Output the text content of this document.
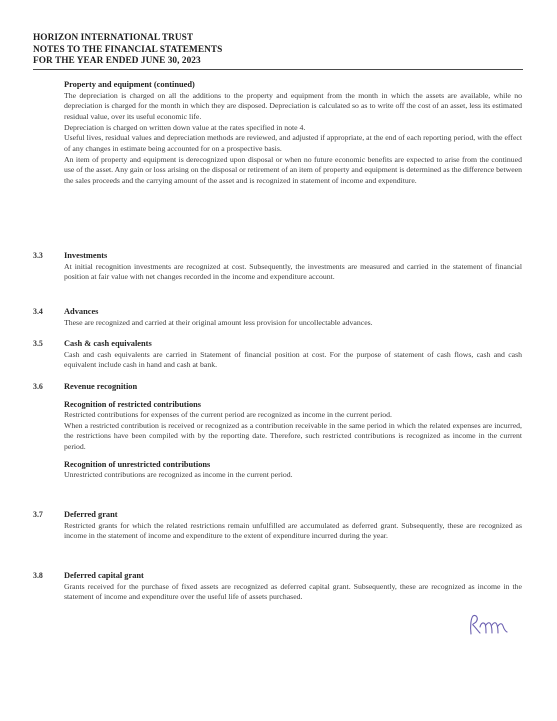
HORIZON INTERNATIONAL TRUST
NOTES TO THE FINANCIAL STATEMENTS
FOR THE YEAR ENDED JUNE 30, 2023
Property and equipment (continued)

The depreciation is charged on all the additions to the property and equipment from the month in which the assets are available, while no depreciation is charged for the month in which they are disposed. Depreciation is calculated so as to write off the cost of an asset, less its estimated residual value, over its useful economic life.

Depreciation is charged on written down value at the rates specified in note 4.

Useful lives, residual values and depreciation methods are reviewed, and adjusted if appropriate, at the end of each reporting period, with the effect of any changes in estimate being accounted for on a prospective basis.

An item of property and equipment is derecognized upon disposal or when no future economic benefits are expected to arise from the continued use of the asset. Any gain or loss arising on the disposal or retirement of an item of property and equipment is determined as the difference between the sales proceeds and the carrying amount of the asset and is recognized in statement of income and expenditure.

3.3	Investments

At initial recognition investments are recognized at cost. Subsequently, the investments are measured and carried in the statement of financial position at fair value with net changes recorded in the income and expenditure account.

3.4	Advances

These are recognized and carried at their original amount less provision for uncollectable advances.

3.5	Cash & cash equivalents

Cash and cash equivalents are carried in Statement of financial position at cost. For the purpose of statement of cash flows, cash and cash equivalent include cash in hand and cash at bank.

3.6	Revenue recognition
Recognition of restricted contributions

Restricted contributions for expenses of the current period are recognized as income in the current period.

When a restricted contribution is received or recognized as a contribution receivable in the same period in which the related expenses are incurred, the restrictions have been compiled with by the reporting date. Therefore, such restricted contributions is recognized as income in the current period.

Recognition of unrestricted contributions

Unrestricted contributions are recognized as income in the current period.

3.7	Deferred grant

Restricted grants for which the related restrictions remain unfulfilled are accumulated as deferred grant. Subsequently, these are recognized as income in the statement of income and expenditure to the extent of expenditure incurred during the year.

3.8	Deferred capital grant

Grants received for the purchase of fixed assets are recognized as deferred capital grant. Subsequently, these are recognized as income in the statement of income and expenditure over the useful life of assets purchased.
